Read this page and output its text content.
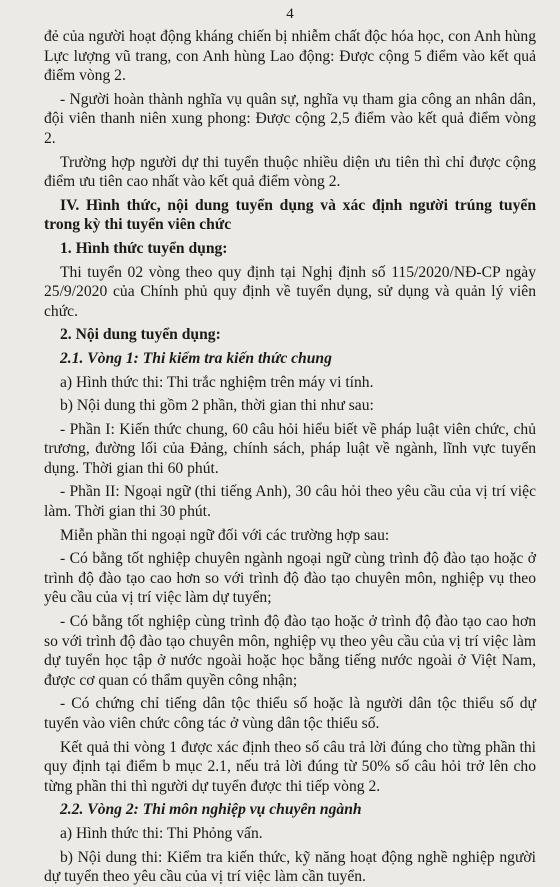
4

đẻ của người hoạt động kháng chiến bị nhiễm chất độc hóa học, con Anh hùng Lực lượng vũ trang, con Anh hùng Lao động: Được cộng 5 điểm vào kết quả điểm vòng 2.

- Người hoàn thành nghĩa vụ quân sự, nghĩa vụ tham gia công an nhân dân, đội viên thanh niên xung phong: Được cộng 2,5 điểm vào kết quả điểm vòng 2.

Trường hợp người dự thi tuyển thuộc nhiều diện ưu tiên thì chỉ được cộng điểm ưu tiên cao nhất vào kết quả điểm vòng 2.

IV. Hình thức, nội dung tuyển dụng và xác định người trúng tuyển trong kỳ thi tuyển viên chức

1. Hình thức tuyển dụng:

Thi tuyển 02 vòng theo quy định tại Nghị định số 115/2020/NĐ-CP ngày 25/9/2020 của Chính phủ quy định về tuyển dụng, sử dụng và quản lý viên chức.

2. Nội dung tuyển dụng:

2.1. Vòng 1: Thi kiểm tra kiến thức chung

a) Hình thức thi: Thi trắc nghiệm trên máy vi tính.

b) Nội dung thi gồm 2 phần, thời gian thi như sau:

- Phần I: Kiến thức chung, 60 câu hỏi hiểu biết về pháp luật viên chức, chủ trương, đường lối của Đảng, chính sách, pháp luật về ngành, lĩnh vực tuyển dụng. Thời gian thi 60 phút.

- Phần II: Ngoại ngữ (thi tiếng Anh), 30 câu hỏi theo yêu cầu của vị trí việc làm. Thời gian thi 30 phút.

Miễn phần thi ngoại ngữ đối với các trường hợp sau:

- Có bằng tốt nghiệp chuyên ngành ngoại ngữ cùng trình độ đào tạo hoặc ở trình độ đào tạo cao hơn so với trình độ đào tạo chuyên môn, nghiệp vụ theo yêu cầu của vị trí việc làm dự tuyển;

- Có bằng tốt nghiệp cùng trình độ đào tạo hoặc ở trình độ đào tạo cao hơn so với trình độ đào tạo chuyên môn, nghiệp vụ theo yêu cầu của vị trí việc làm dự tuyển học tập ở nước ngoài hoặc học bằng tiếng nước ngoài ở Việt Nam, được cơ quan có thẩm quyền công nhận;

- Có chứng chỉ tiếng dân tộc thiểu số hoặc là người dân tộc thiểu số dự tuyển vào viên chức công tác ở vùng dân tộc thiểu số.

Kết quả thi vòng 1 được xác định theo số câu trả lời đúng cho từng phần thi quy định tại điểm b mục 2.1, nếu trả lời đúng từ 50% số câu hỏi trở lên cho từng phần thi thì người dự tuyển được thi tiếp vòng 2.

2.2. Vòng 2: Thi môn nghiệp vụ chuyên ngành

a) Hình thức thi: Thi Phỏng vấn.

b) Nội dung thi: Kiểm tra kiến thức, kỹ năng hoạt động nghề nghiệp người dự tuyển theo yêu cầu của vị trí việc làm cần tuyển.
